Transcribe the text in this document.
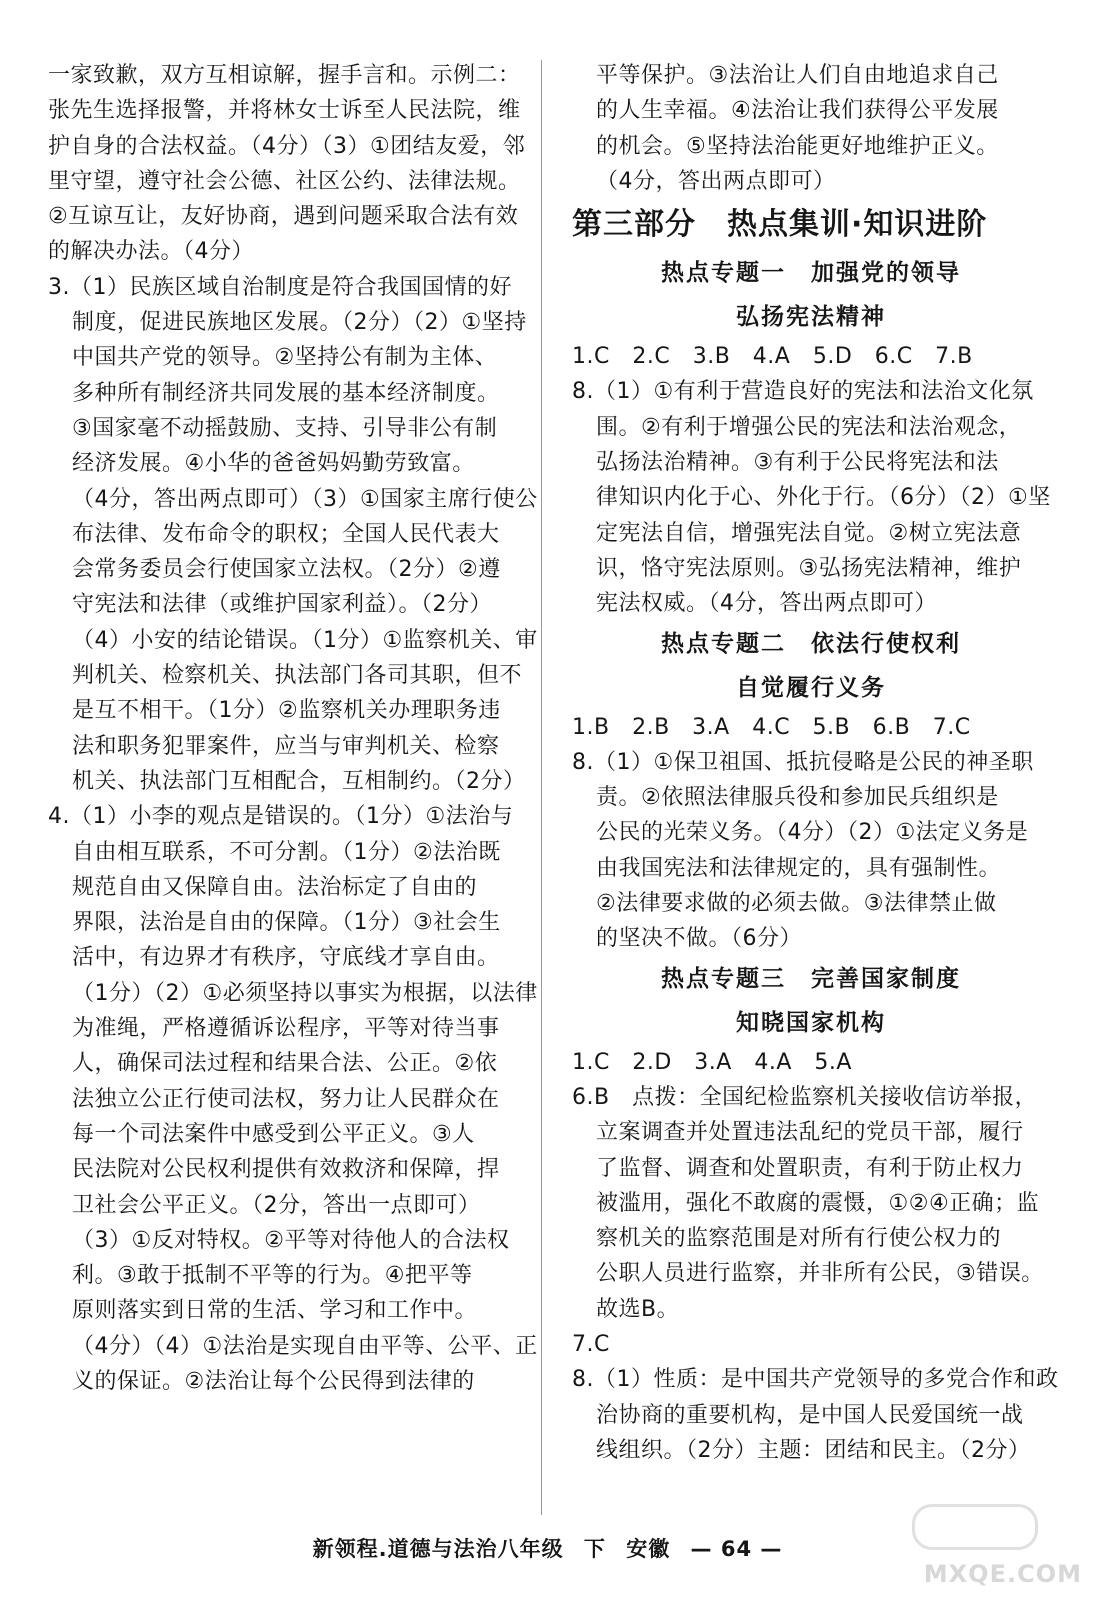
一家致歉，双方互相谅解，握手言和。示例二：
张先生选择报警，并将林女士诉至人民法院，维
护自身的合法权益。（4分）（3）①团结友爱，邻
里守望，遵守社会公德、社区公约、法律法规。
②互谅互让，友好协商，遇到问题采取合法有效
的解决办法。（4分）
3.（1）民族区域自治制度是符合我国国情的好
制度，促进民族地区发展。（2分）（2）①坚持
中国共产党的领导。②坚持公有制为主体、
多种所有制经济共同发展的基本经济制度。
③国家毫不动摇鼓励、支持、引导非公有制
经济发展。④小华的爸爸妈妈勤劳致富。
（4分，答出两点即可）（3）①国家主席行使公
布法律、发布命令的职权；全国人民代表大
会常务委员会行使国家立法权。（2分）②遵
守宪法和法律（或维护国家利益）。（2分）
（4）小安的结论错误。（1分）①监察机关、审
判机关、检察机关、执法部门各司其职，但不
是互不相干。（1分）②监察机关办理职务违
法和职务犯罪案件，应当与审判机关、检察
机关、执法部门互相配合，互相制约。（2分）
4.（1）小李的观点是错误的。（1分）①法治与
自由相互联系，不可分割。（1分）②法治既
规范自由又保障自由。法治标定了自由的
界限，法治是自由的保障。（1分）③社会生
活中，有边界才有秩序，守底线才享自由。
（1分）（2）①必须坚持以事实为根据，以法律
为准绳，严格遵循诉讼程序，平等对待当事
人，确保司法过程和结果合法、公正。②依
法独立公正行使司法权，努力让人民群众在
每一个司法案件中感受到公平正义。③人
民法院对公民权利提供有效救济和保障，捍
卫社会公平正义。（2分，答出一点即可）
（3）①反对特权。②平等对待他人的合法权
利。③敢于抵制不平等的行为。④把平等
原则落实到日常的生活、学习和工作中。
（4分）（4）①法治是实现自由平等、公平、正
义的保证。②法治让每个公民得到法律的
平等保护。③法治让人们自由地追求自己
的人生幸福。④法治让我们获得公平发展
的机会。⑤坚持法治能更好地维护正义。
（4分，答出两点即可）
第三部分　热点集训·知识进阶
热点专题一　加强党的领导
弘扬宪法精神
1.C　2.C　3.B　4.A　5.D　6.C　7.B
8.（1）①有利于营造良好的宪法和法治文化氛
围。②有利于增强公民的宪法和法治观念，
弘扬法治精神。③有利于公民将宪法和法
律知识内化于心、外化于行。（6分）（2）①坚
定宪法自信，增强宪法自觉。②树立宪法意
识，恪守宪法原则。③弘扬宪法精神，维护
宪法权威。（4分，答出两点即可）
热点专题二　依法行使权利
自觉履行义务
1.B　2.B　3.A　4.C　5.B　6.B　7.C
8.（1）①保卫祖国、抵抗侵略是公民的神圣职
责。②依照法律服兵役和参加民兵组织是
公民的光荣义务。（4分）（2）①法定义务是
由我国宪法和法律规定的，具有强制性。
②法律要求做的必须去做。③法律禁止做
的坚决不做。（6分）
热点专题三　完善国家制度
知晓国家机构
1.C　2.D　3.A　4.A　5.A
6.B　点拨：全国纪检监察机关接收信访举报，
立案调查并处置违法乱纪的党员干部，履行
了监督、调查和处置职责，有利于防止权力
被滥用，强化不敢腐的震慑，①②④正确；监
察机关的监察范围是对所有行使公权力的
公职人员进行监察，并非所有公民，③错误。
故选B。
7.C
8.（1）性质：是中国共产党领导的多党合作和政
治协商的重要机构，是中国人民爱国统一战
线组织。（2分）主题：团结和民主。（2分）
新领程.道德与法治八年级 下 安徽 — 64 —
MXQE.COM
